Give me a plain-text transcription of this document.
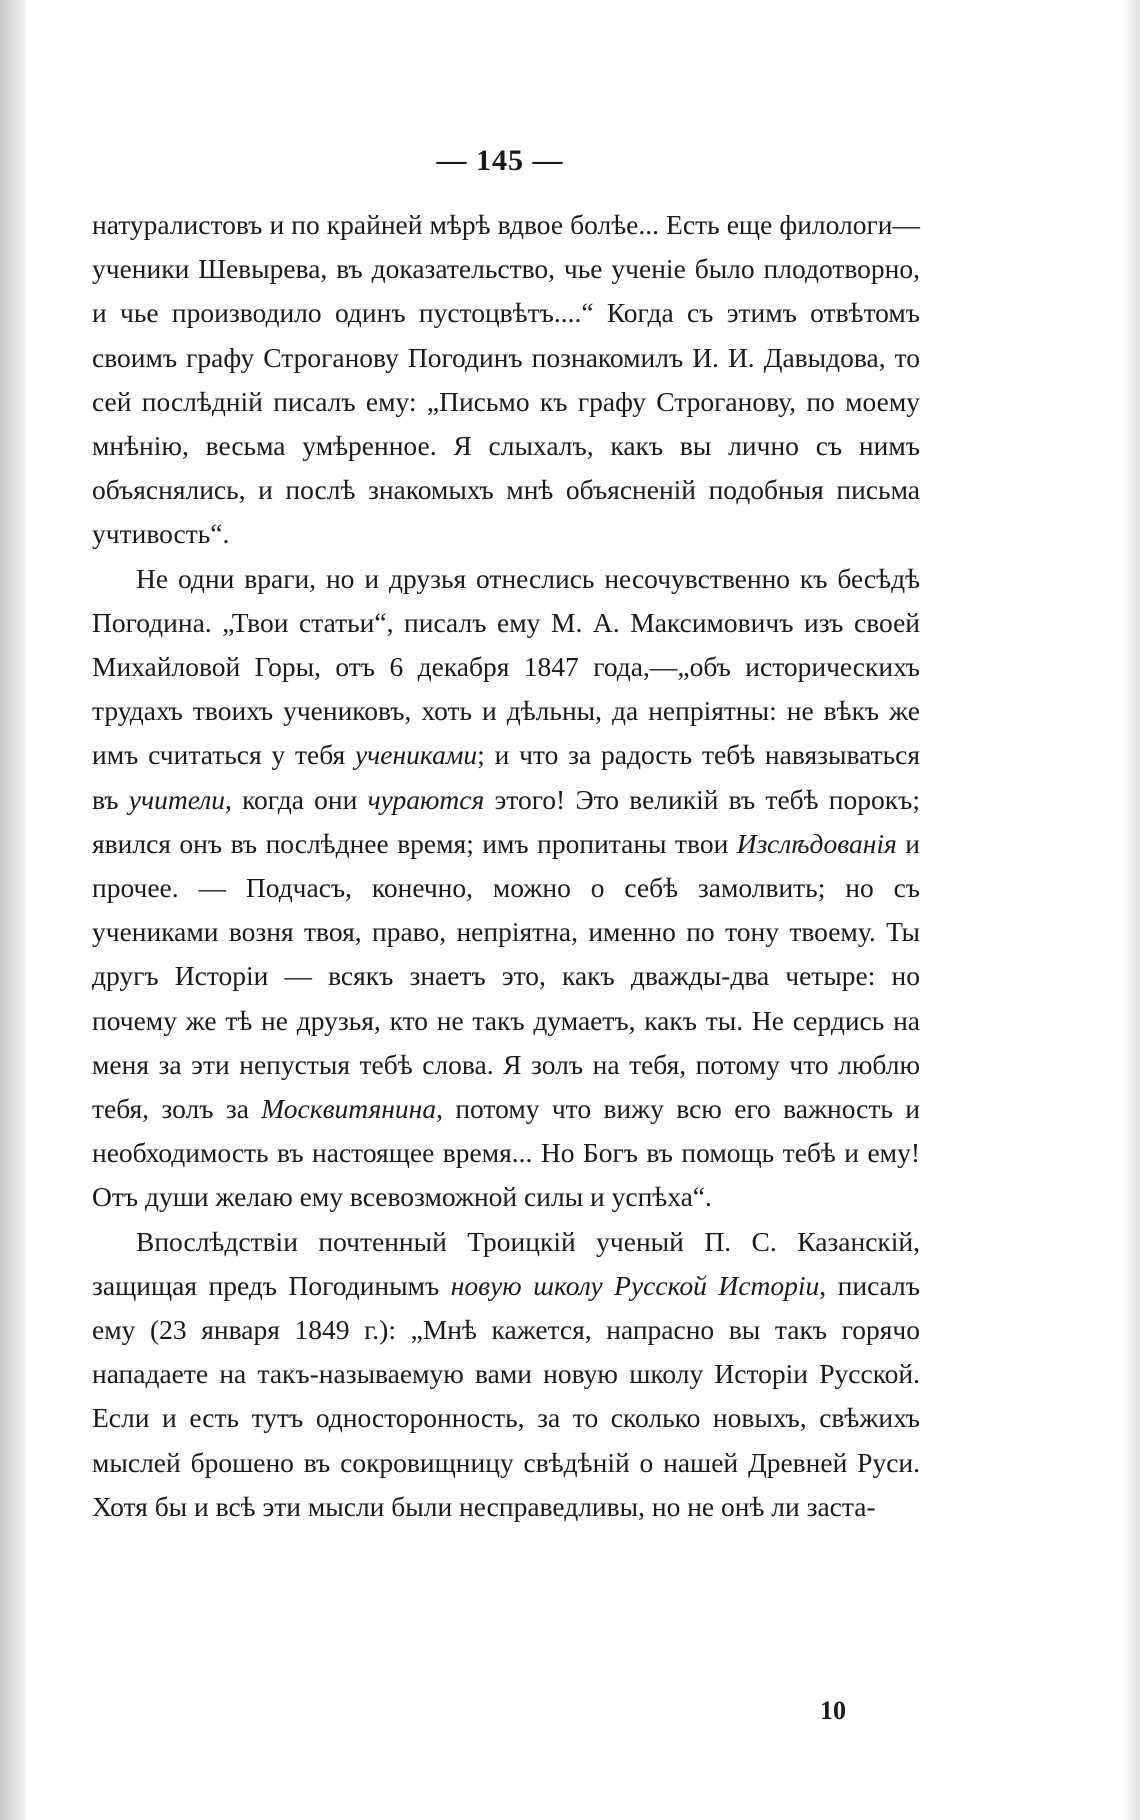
— 145 —

натуралистовъ и по крайней мѣрѣ вдвое болѣе... Есть еще филологи—ученики Шевырева, въ доказательство, чье ученіе было плодотворно, и чье производило одинъ пустоцвѣтъ....“ Когда съ этимъ отвѣтомъ своимъ графу Строганову Погодинъ познакомилъ И. И. Давыдова, то сей послѣдній писалъ ему: „Письмо къ графу Строганову, по моему мнѣнію, весьма умѣренное. Я слыхалъ, какъ вы лично съ нимъ объяснялись, и послѣ знакомыхъ мнѣ объясненій подобныя письма учтивость“.

Не одни враги, но и друзья отнеслись несочувственно къ бесѣдѣ Погодина. „Твои статьи“, писалъ ему М. А. Максимовичъ изъ своей Михайловой Горы, отъ 6 декабря 1847 года,—„объ историческихъ трудахъ твоихъ учениковъ, хоть и дѣльны, да непріятны: не вѣкъ же имъ считаться у тебя учениками; и что за радость тебѣ навязываться въ учители, когда они чураются этого! Это великій въ тебѣ порокъ; явился онъ въ послѣднее время; имъ пропитаны твои Изслѣдованія и прочее. — Подчасъ, конечно, можно о себѣ замолвить; но съ учениками возня твоя, право, непріятна, именно по тону твоему. Ты другъ Исторіи — всякъ знаетъ это, какъ дважды-два четыре: но почему же тѣ не друзья, кто не такъ думаетъ, какъ ты. Не сердись на меня за эти непустыя тебѣ слова. Я золъ на тебя, потому что люблю тебя, золъ за Москвитянина, потому что вижу всю его важность и необходимость въ настоящее время... Но Богъ въ помощь тебѣ и ему! Отъ души желаю ему всевозможной силы и успѣха“.

Впослѣдствіи почтенный Троицкій ученый П. С. Казанскій, защищая предъ Погодинымъ новую школу Русской Исторіи, писалъ ему (23 января 1849 г.): „Мнѣ кажется, напрасно вы такъ горячо нападаете на такъ-называемую вами новую школу Исторіи Русской. Если и есть тутъ односторонность, за то сколько новыхъ, свѣжихъ мыслей брошено въ сокровищницу свѣдѣній о нашей Древней Руси. Хотя бы и всѣ эти мысли были несправедливы, но не онѣ ли заста-

10
